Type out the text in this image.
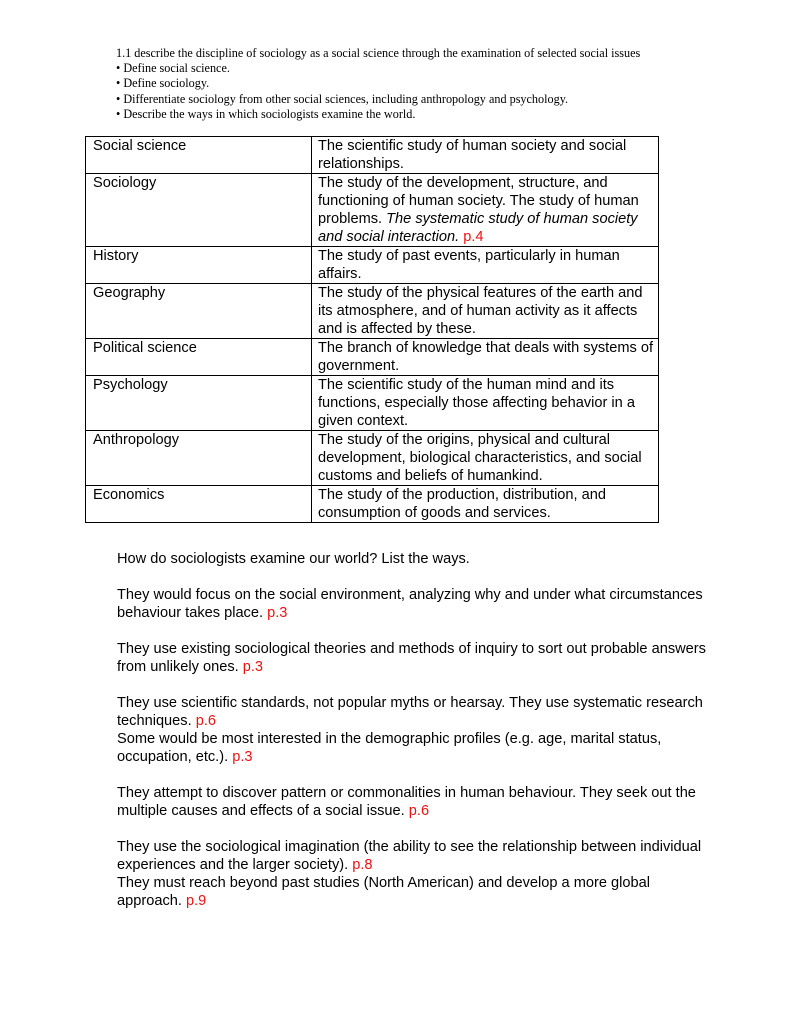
1.1 describe the discipline of sociology as a social science through the examination of selected social issues
• Define social science.
• Define sociology.
• Differentiate sociology from other social sciences, including anthropology and psychology.
• Describe the ways in which sociologists examine the world.
Social science	The scientific study of human society and social relationships.
Sociology	The study of the development, structure, and functioning of human society. The study of human problems. The systematic study of human society and social interaction. p.4
History	The study of past events, particularly in human affairs.
Geography	The study of the physical features of the earth and its atmosphere, and of human activity as it affects and is affected by these.
Political science	The branch of knowledge that deals with systems of government.
Psychology	The scientific study of the human mind and its functions, especially those affecting behavior in a given context.
Anthropology	The study of the origins, physical and cultural development, biological characteristics, and social customs and beliefs of humankind.
Economics	The study of the production, distribution, and consumption of goods and services.

How do sociologists examine our world? List the ways.

They would focus on the social environment, analyzing why and under what circumstances behaviour takes place. p.3

They use existing sociological theories and methods of inquiry to sort out probable answers from unlikely ones. p.3

They use scientific standards, not popular myths or hearsay. They use systematic research techniques. p.6

Some would be most interested in the demographic profiles (e.g. age, marital status, occupation, etc.). p.3

They attempt to discover pattern or commonalities in human behaviour. They seek out the multiple causes and effects of a social issue. p.6

They use the sociological imagination (the ability to see the relationship between individual experiences and the larger society). p.8

They must reach beyond past studies (North American) and develop a more global approach. p.9
